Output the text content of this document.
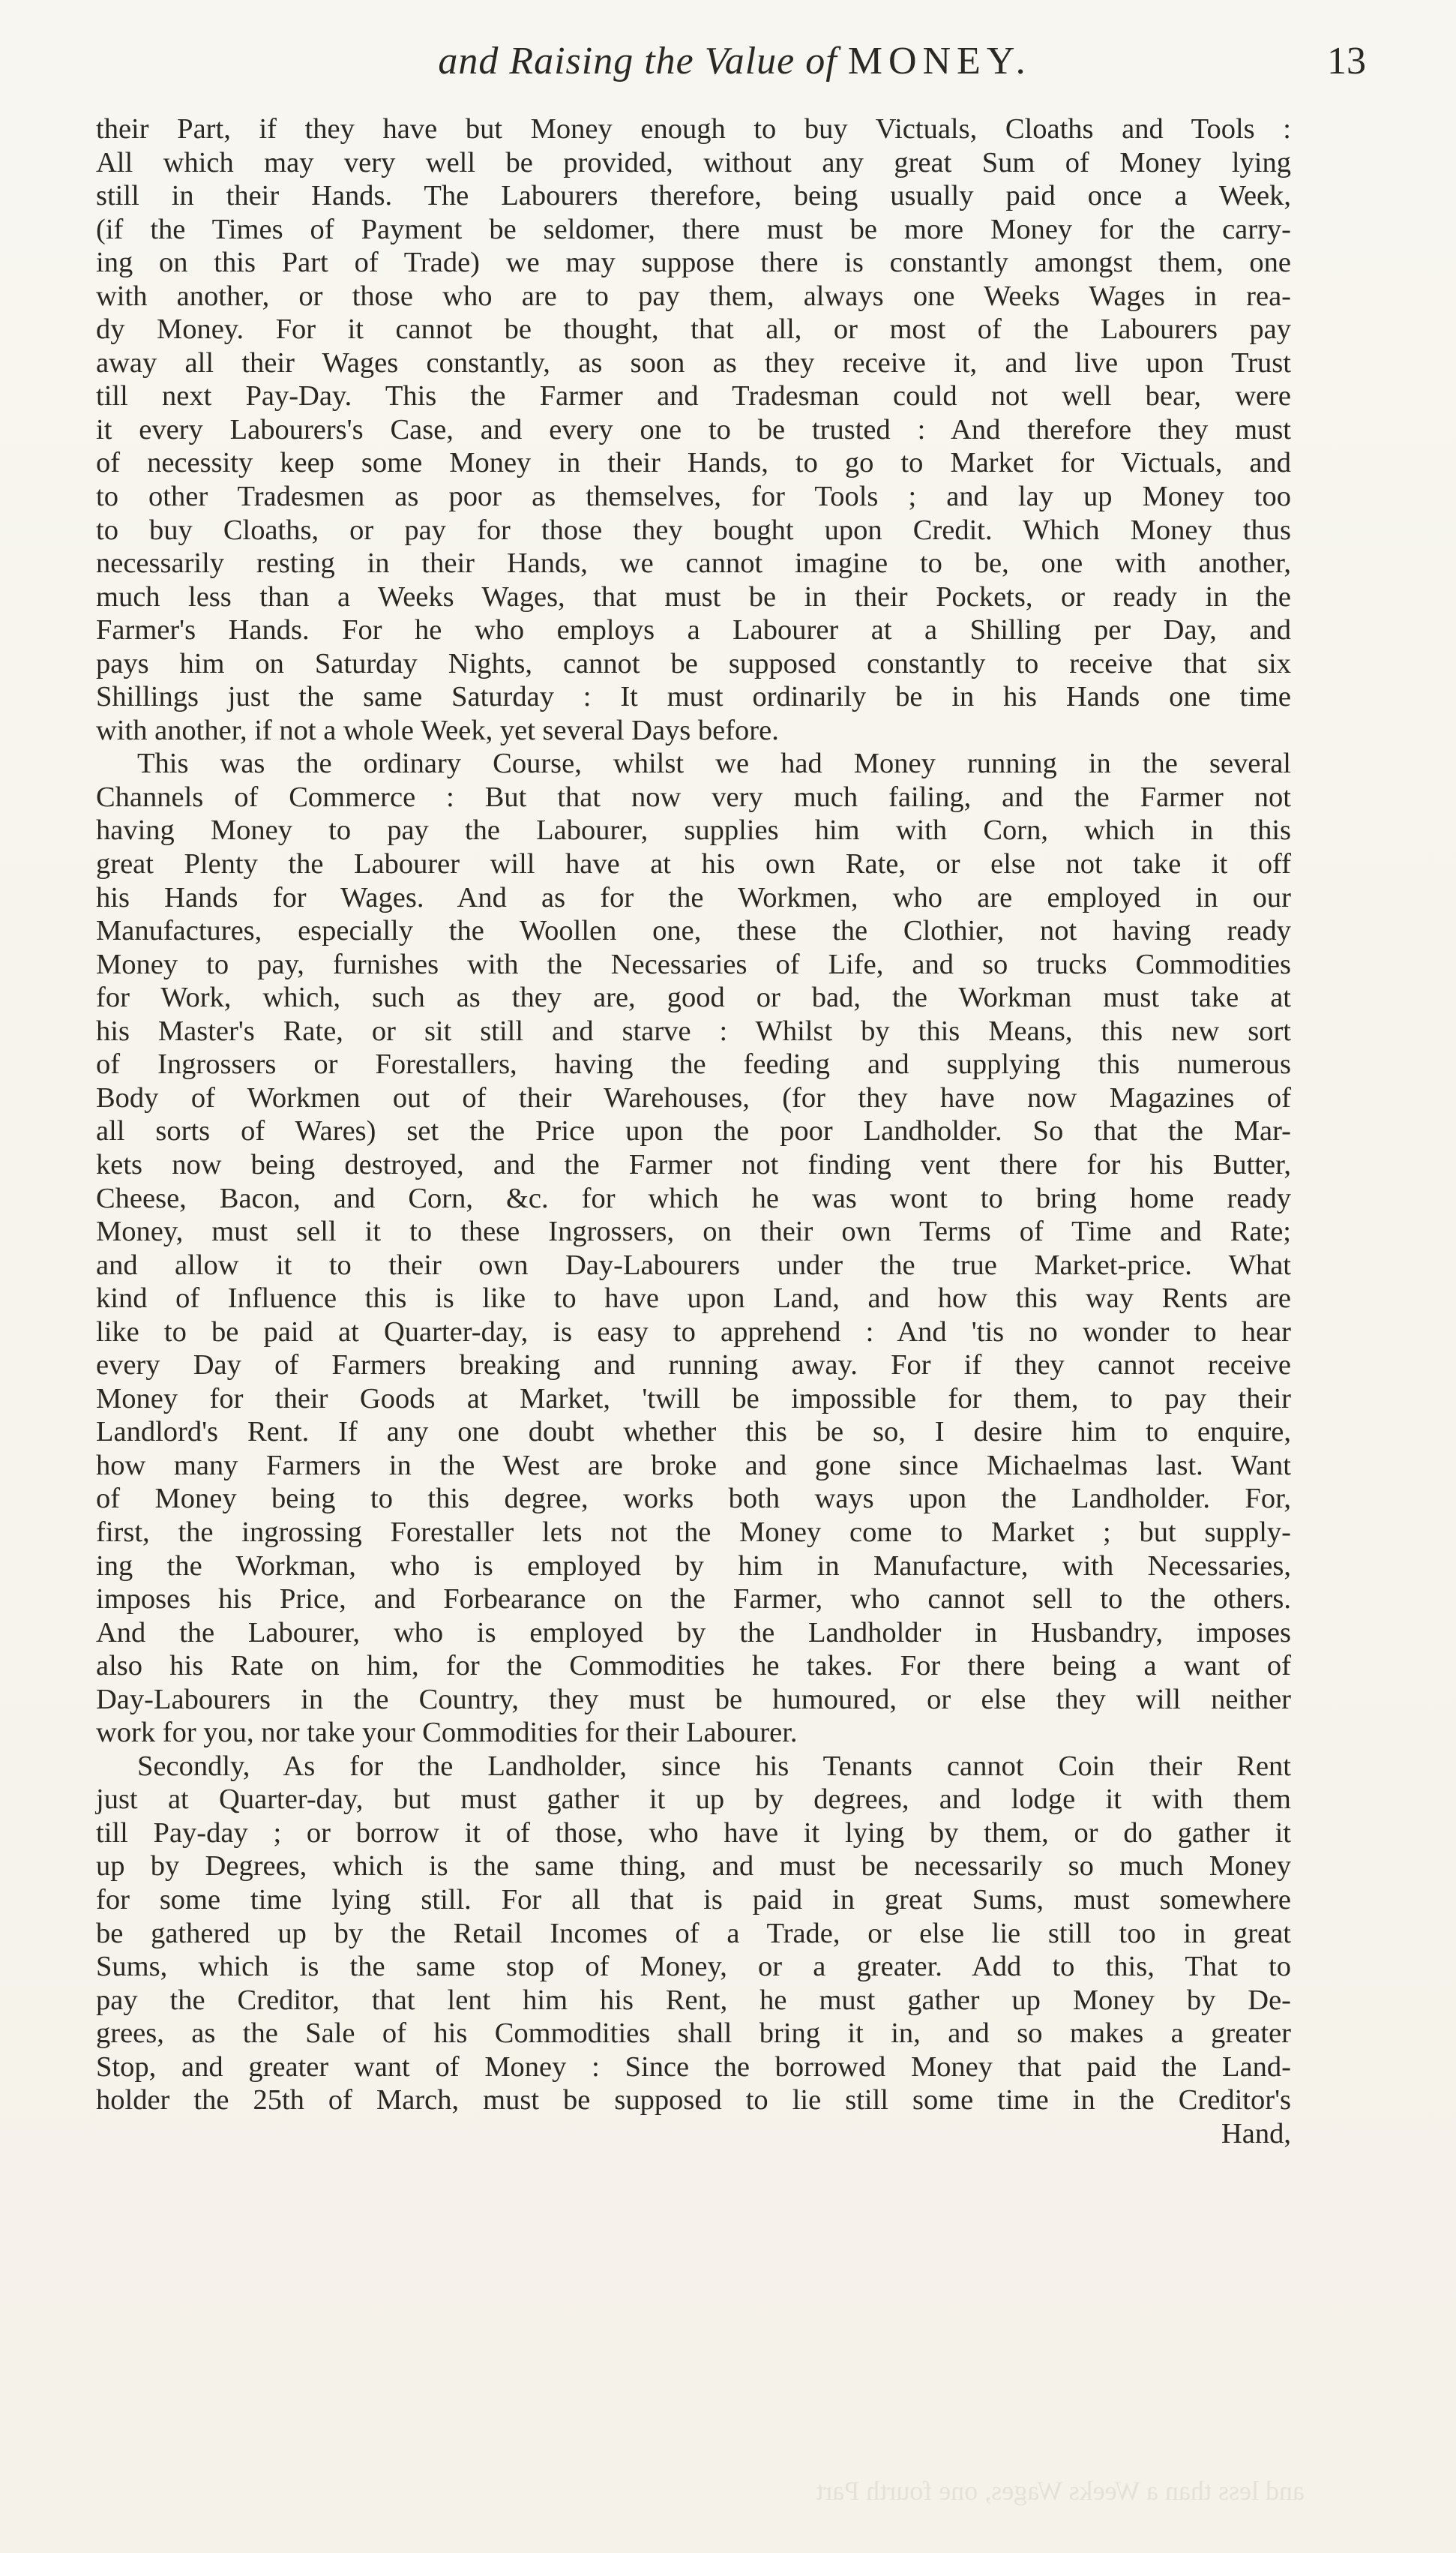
and Raising the Value of MONEY.	13
their Part, if they have but Money enough to buy Victuals, Cloaths and Tools :
All which may very well be provided, without any great Sum of Money lying
still in their Hands. The Labourers therefore, being usually paid once a Week,
(if the Times of Payment be seldomer, there must be more Money for the carry-
ing on this Part of Trade) we may suppose there is constantly amongst them, one
with another, or those who are to pay them, always one Weeks Wages in rea-
dy Money. For it cannot be thought, that all, or most of the Labourers pay
away all their Wages constantly, as soon as they receive it, and live upon Trust
till next Pay-Day. This the Farmer and Tradesman could not well bear, were
it every Labourers's Case, and every one to be trusted : And therefore they must
of necessity keep some Money in their Hands, to go to Market for Victuals, and
to other Tradesmen as poor as themselves, for Tools ; and lay up Money too
to buy Cloaths, or pay for those they bought upon Credit. Which Money thus
necessarily resting in their Hands, we cannot imagine to be, one with another,
much less than a Weeks Wages, that must be in their Pockets, or ready in the
Farmer's Hands. For he who employs a Labourer at a Shilling per Day, and
pays him on Saturday Nights, cannot be supposed constantly to receive that six
Shillings just the same Saturday : It must ordinarily be in his Hands one time
with another, if not a whole Week, yet several Days before.
This was the ordinary Course, whilst we had Money running in the several
Channels of Commerce : But that now very much failing, and the Farmer not
having Money to pay the Labourer, supplies him with Corn, which in this
great Plenty the Labourer will have at his own Rate, or else not take it off
his Hands for Wages. And as for the Workmen, who are employed in our
Manufactures, especially the Woollen one, these the Clothier, not having ready
Money to pay, furnishes with the Necessaries of Life, and so trucks Commodities
for Work, which, such as they are, good or bad, the Workman must take at
his Master's Rate, or sit still and starve : Whilst by this Means, this new sort
of Ingrossers or Forestallers, having the feeding and supplying this numerous
Body of Workmen out of their Warehouses, (for they have now Magazines of
all sorts of Wares) set the Price upon the poor Landholder. So that the Mar-
kets now being destroyed, and the Farmer not finding vent there for his Butter,
Cheese, Bacon, and Corn, &c. for which he was wont to bring home ready
Money, must sell it to these Ingrossers, on their own Terms of Time and Rate;
and allow it to their own Day-Labourers under the true Market-price. What
kind of Influence this is like to have upon Land, and how this way Rents are
like to be paid at Quarter-day, is easy to apprehend : And 'tis no wonder to hear
every Day of Farmers breaking and running away. For if they cannot receive
Money for their Goods at Market, 'twill be impossible for them, to pay their
Landlord's Rent. If any one doubt whether this be so, I desire him to enquire,
how many Farmers in the West are broke and gone since Michaelmas last. Want
of Money being to this degree, works both ways upon the Landholder. For,
first, the ingrossing Forestaller lets not the Money come to Market ; but supply-
ing the Workman, who is employed by him in Manufacture, with Necessaries,
imposes his Price, and Forbearance on the Farmer, who cannot sell to the others.
And the Labourer, who is employed by the Landholder in Husbandry, imposes
also his Rate on him, for the Commodities he takes. For there being a want of
Day-Labourers in the Country, they must be humoured, or else they will neither
work for you, nor take your Commodities for their Labourer.
Secondly, As for the Landholder, since his Tenants cannot Coin their Rent
just at Quarter-day, but must gather it up by degrees, and lodge it with them
till Pay-day ; or borrow it of those, who have it lying by them, or do gather it
up by Degrees, which is the same thing, and must be necessarily so much Money
for some time lying still. For all that is paid in great Sums, must somewhere
be gathered up by the Retail Incomes of a Trade, or else lie still too in great
Sums, which is the same stop of Money, or a greater. Add to this, That to
pay the Creditor, that lent him his Rent, he must gather up Money by De-
grees, as the Sale of his Commodities shall bring it in, and so makes a greater
Stop, and greater want of Money : Since the borrowed Money that paid the Land-
holder the 25th of March, must be supposed to lie still some time in the Creditor's
Hand,
and less than a Weeks Wages, one fourth Part
